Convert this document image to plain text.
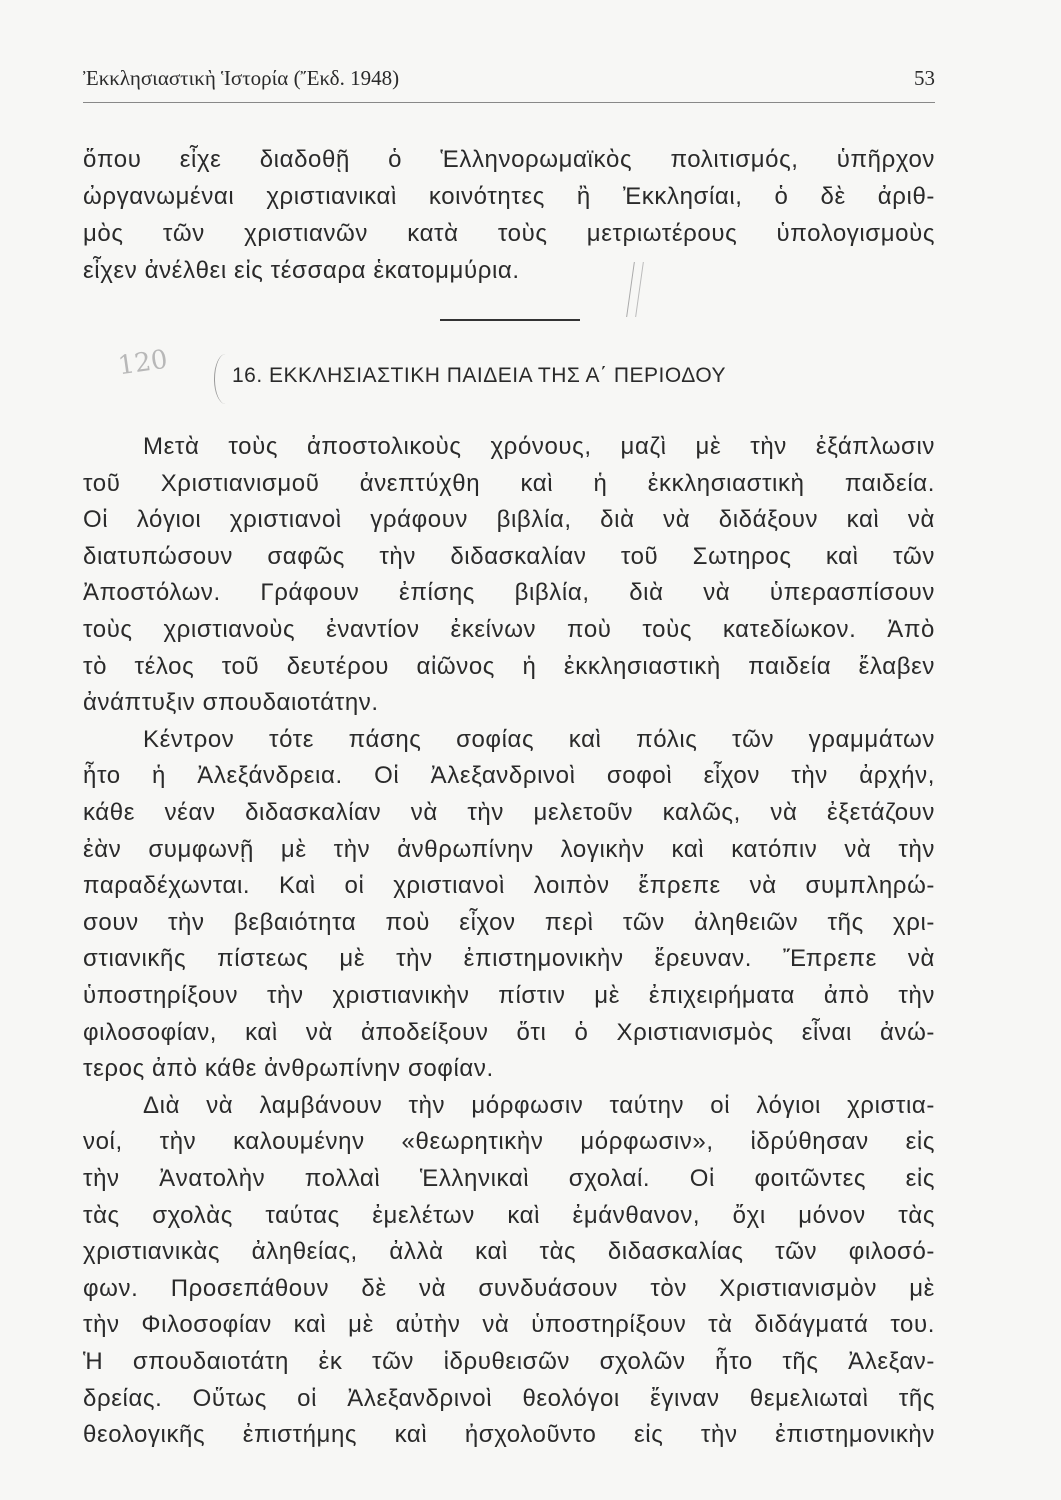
Ἐκκλησιαστικὴ Ἱστορία (Ἔκδ. 1948)	53
ὅπου εἶχε διαδοθῇ ὁ Ἑλληνορωμαϊκὸς πολιτισμός, ὑπῆρχον
ὠργανωμέναι χριστιανικαὶ κοινότητες ἢ Ἐκκλησίαι, ὁ δὲ ἀριθ-
μὸς τῶν χριστιανῶν κατὰ τοὺς μετριωτέρους ὑπολογισμοὺς
εἶχεν ἀνέλθει εἰς τέσσαρα ἑκατομμύρια.
120	16. ΕΚΚΛΗΣΙΑΣΤΙΚΗ ΠΑΙΔΕΙΑ ΤΗΣ Α΄ ΠΕΡΙΟΔΟΥ
Μετὰ τοὺς ἀποστολικοὺς χρόνους, μαζὶ μὲ τὴν ἐξάπλωσιν
τοῦ Χριστιανισμοῦ ἀνεπτύχθη καὶ ἡ ἐκκλησιαστικὴ παιδεία.
Οἱ λόγιοι χριστιανοὶ γράφουν βιβλία, διὰ νὰ διδάξουν καὶ νὰ
διατυπώσουν σαφῶς τὴν διδασκαλίαν τοῦ Σωτηρος καὶ τῶν
Ἀποστόλων. Γράφουν ἐπίσης βιβλία, διὰ νὰ ὑπερασπίσουν
τοὺς χριστιανοὺς ἐναντίον ἐκείνων ποὺ τοὺς κατεδίωκον. Ἀπὸ
τὸ τέλος τοῦ δευτέρου αἰῶνος ἡ ἐκκλησιαστικὴ παιδεία ἔλαβεν
ἀνάπτυξιν σπουδαιοτάτην.
Κέντρον τότε πάσης σοφίας καὶ πόλις τῶν γραμμάτων
ἦτο ἡ Ἀλεξάνδρεια. Οἱ Ἀλεξανδρινοὶ σοφοὶ εἶχον τὴν ἀρχήν,
κάθε νέαν διδασκαλίαν νὰ τὴν μελετοῦν καλῶς, νὰ ἐξετάζουν
ἐὰν συμφωνῇ μὲ τὴν ἀνθρωπίνην λογικὴν καὶ κατόπιν νὰ τὴν
παραδέχωνται. Καὶ οἱ χριστιανοὶ λοιπὸν ἔπρεπε νὰ συμπληρώ-
σουν τὴν βεβαιότητα ποὺ εἶχον περὶ τῶν ἀληθειῶν τῆς χρι-
στιανικῆς πίστεως μὲ τὴν ἐπιστημονικὴν ἔρευναν. Ἔπρεπε νὰ
ὑποστηρίξουν τὴν χριστιανικὴν πίστιν μὲ ἐπιχειρήματα ἀπὸ τὴν
φιλοσοφίαν, καὶ νὰ ἀποδείξουν ὅτι ὁ Χριστιανισμὸς εἶναι ἀνώ-
τερος ἀπὸ κάθε ἀνθρωπίνην σοφίαν.
Διὰ νὰ λαμβάνουν τὴν μόρφωσιν ταύτην οἱ λόγιοι χριστια-
νοί, τὴν καλουμένην «θεωρητικὴν μόρφωσιν», ἱδρύθησαν εἰς
τὴν Ἀνατολὴν πολλαὶ Ἑλληνικαὶ σχολαί. Οἱ φοιτῶντες εἰς
τὰς σχολὰς ταύτας ἐμελέτων καὶ ἐμάνθανον, ὄχι μόνον τὰς
χριστιανικὰς ἀληθείας, ἀλλὰ καὶ τὰς διδασκαλίας τῶν φιλοσό-
φων. Προσεπάθουν δὲ νὰ συνδυάσουν τὸν Χριστιανισμὸν μὲ
τὴν Φιλοσοφίαν καὶ μὲ αὐτὴν νὰ ὑποστηρίξουν τὰ διδάγματά του.
Ἡ σπουδαιοτάτη ἐκ τῶν ἱδρυθεισῶν σχολῶν ἦτο τῆς Ἀλεξαν-
δρείας. Οὕτως οἱ Ἀλεξανδρινοὶ θεολόγοι ἔγιναν θεμελιωταὶ τῆς
θεολογικῆς ἐπιστήμης καὶ ἠσχολοῦντο εἰς τὴν ἐπιστημονικὴν
